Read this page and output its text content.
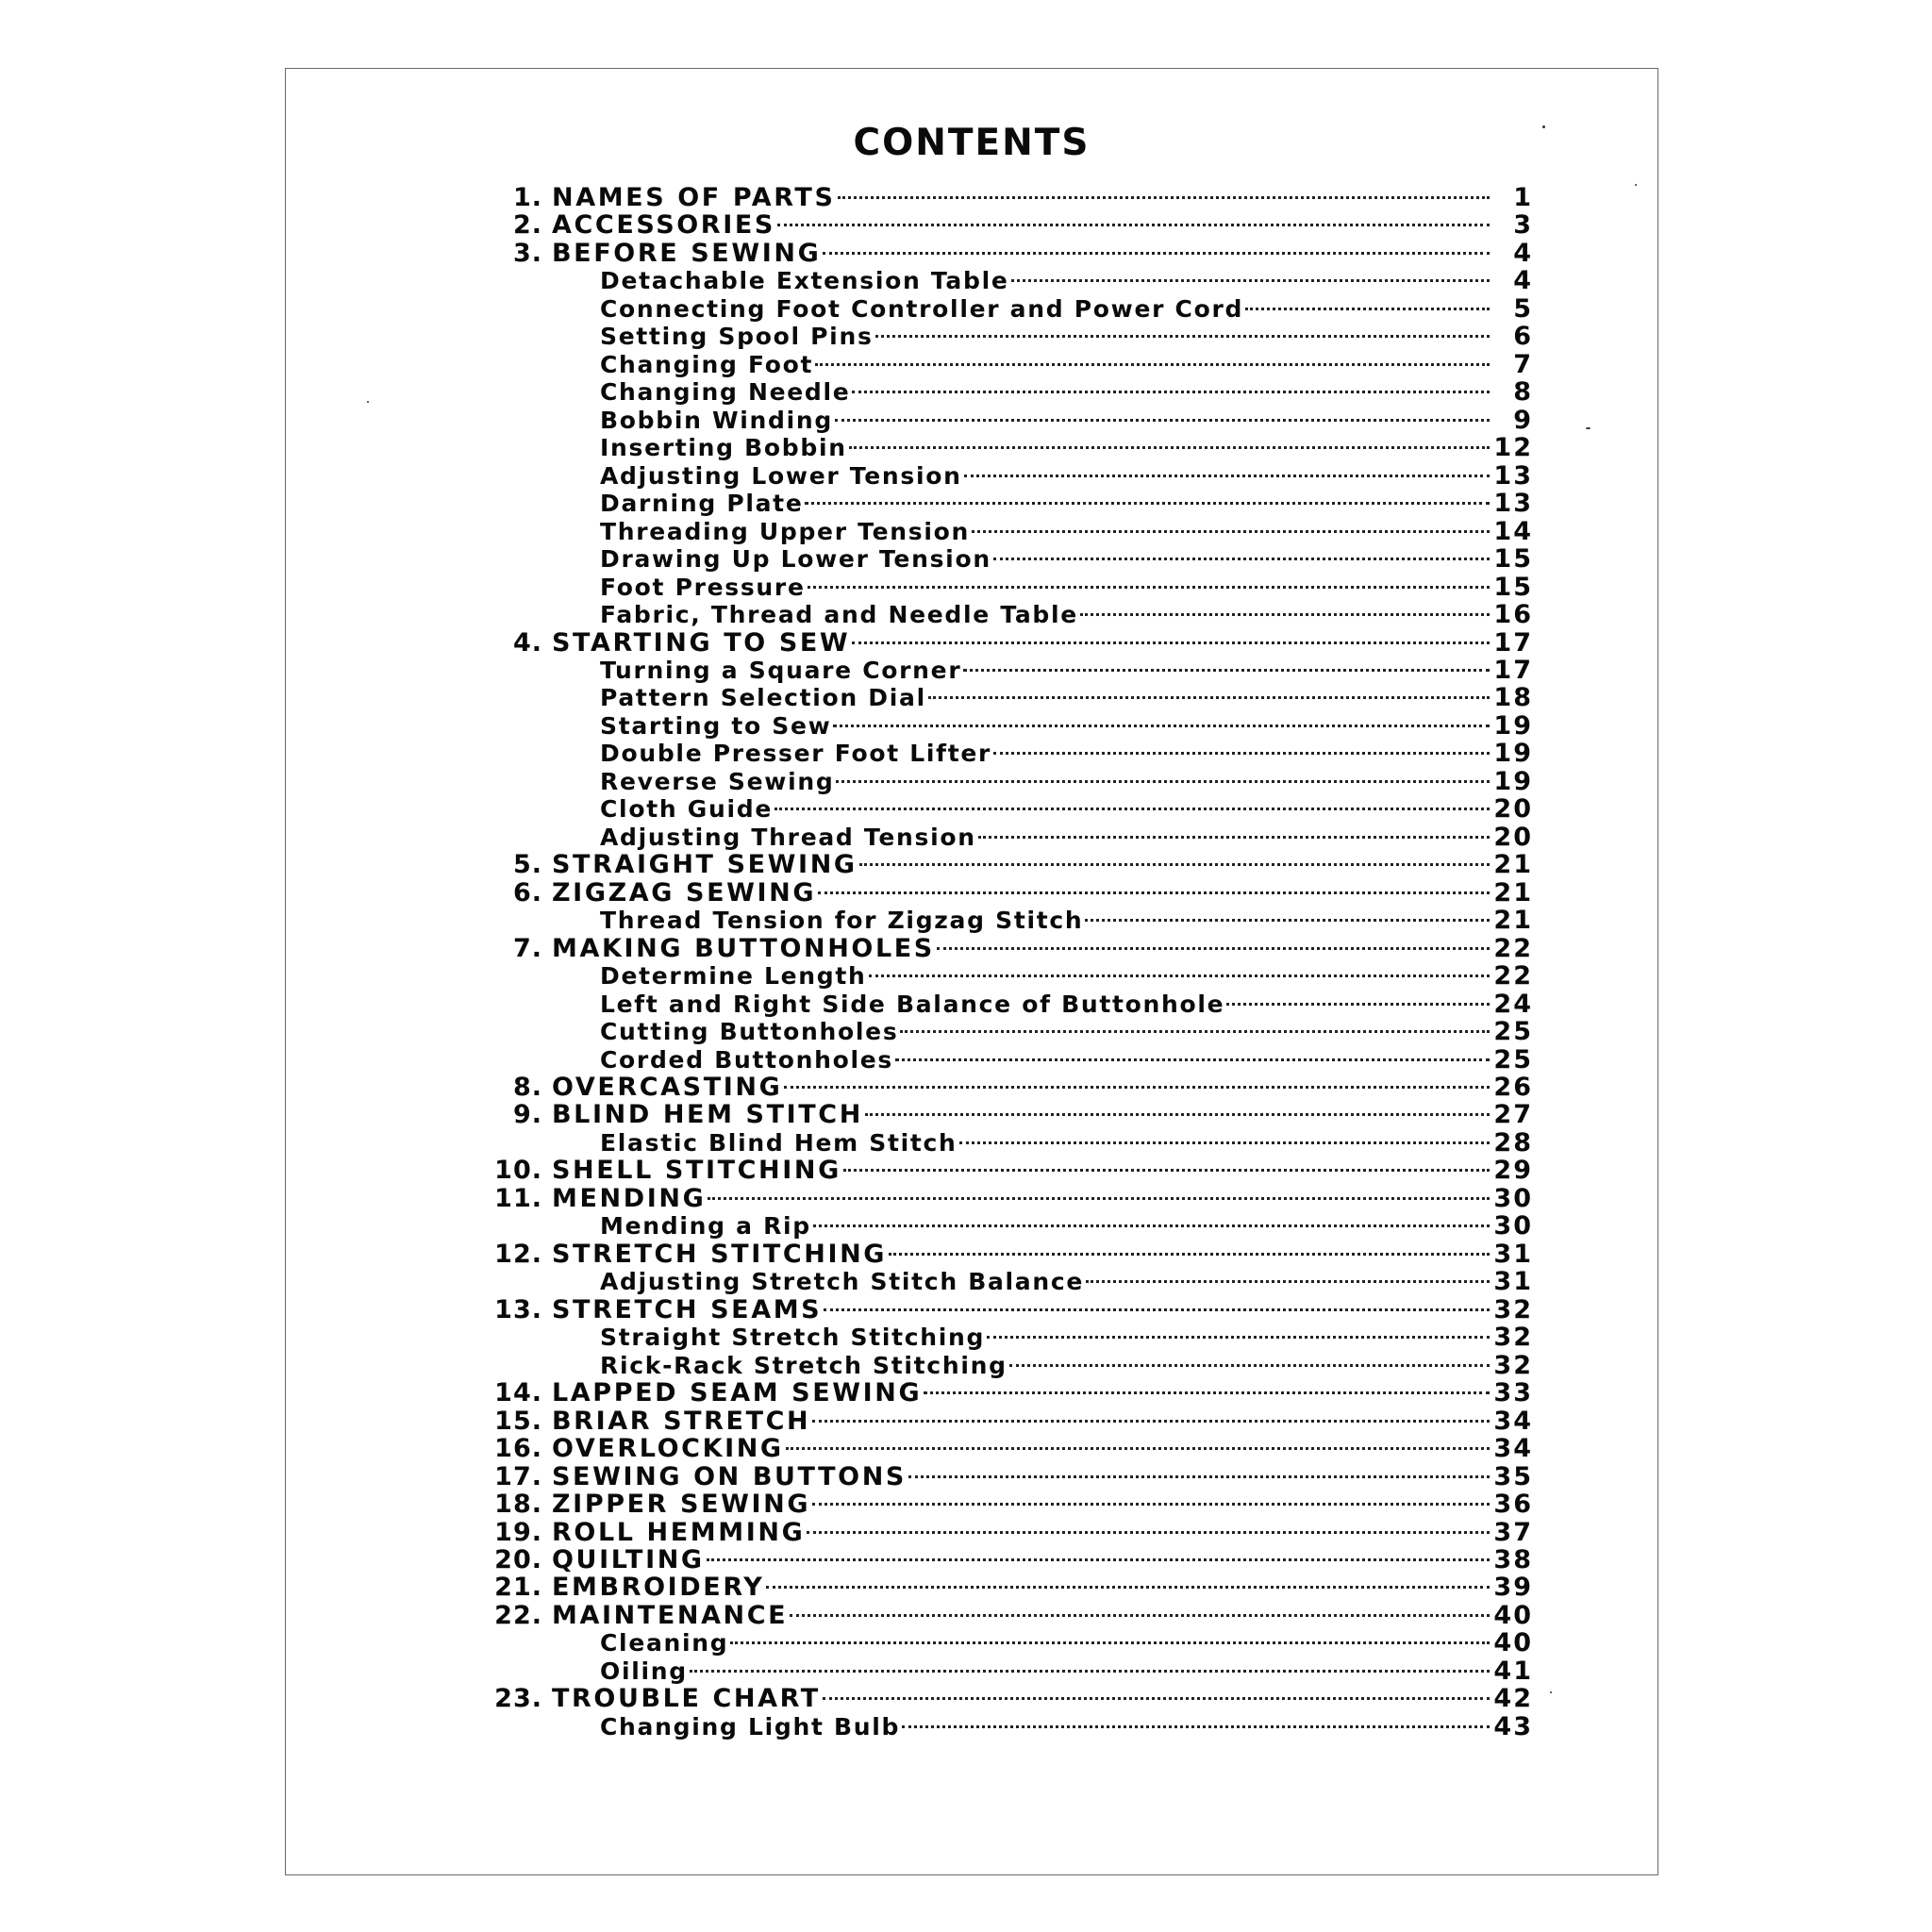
CONTENTS
1. NAMES OF PARTS	1
2. ACCESSORIES	3
3. BEFORE SEWING	4
Detachable Extension Table	4
Connecting Foot Controller and Power Cord	5
Setting Spool Pins	6
Changing Foot	7
Changing Needle	8
Bobbin Winding	9
Inserting Bobbin	12
Adjusting Lower Tension	13
Darning Plate	13
Threading Upper Tension	14
Drawing Up Lower Tension	15
Foot Pressure	15
Fabric, Thread and Needle Table	16
4. STARTING TO SEW	17
Turning a Square Corner	17
Pattern Selection Dial	18
Starting to Sew	19
Double Presser Foot Lifter	19
Reverse Sewing	19
Cloth Guide	20
Adjusting Thread Tension	20
5. STRAIGHT SEWING	21
6. ZIGZAG SEWING	21
Thread Tension for Zigzag Stitch	21
7. MAKING BUTTONHOLES	22
Determine Length	22
Left and Right Side Balance of Buttonhole	24
Cutting Buttonholes	25
Corded Buttonholes	25
8. OVERCASTING	26
9. BLIND HEM STITCH	27
Elastic Blind Hem Stitch	28
10. SHELL STITCHING	29
11. MENDING	30
Mending a Rip	30
12. STRETCH STITCHING	31
Adjusting Stretch Stitch Balance	31
13. STRETCH SEAMS	32
Straight Stretch Stitching	32
Rick-Rack Stretch Stitching	32
14. LAPPED SEAM SEWING	33
15. BRIAR STRETCH	34
16. OVERLOCKING	34
17. SEWING ON BUTTONS	35
18. ZIPPER SEWING	36
19. ROLL HEMMING	37
20. QUILTING	38
21. EMBROIDERY	39
22. MAINTENANCE	40
Cleaning	40
Oiling	41
23. TROUBLE CHART	42
Changing Light Bulb	43
